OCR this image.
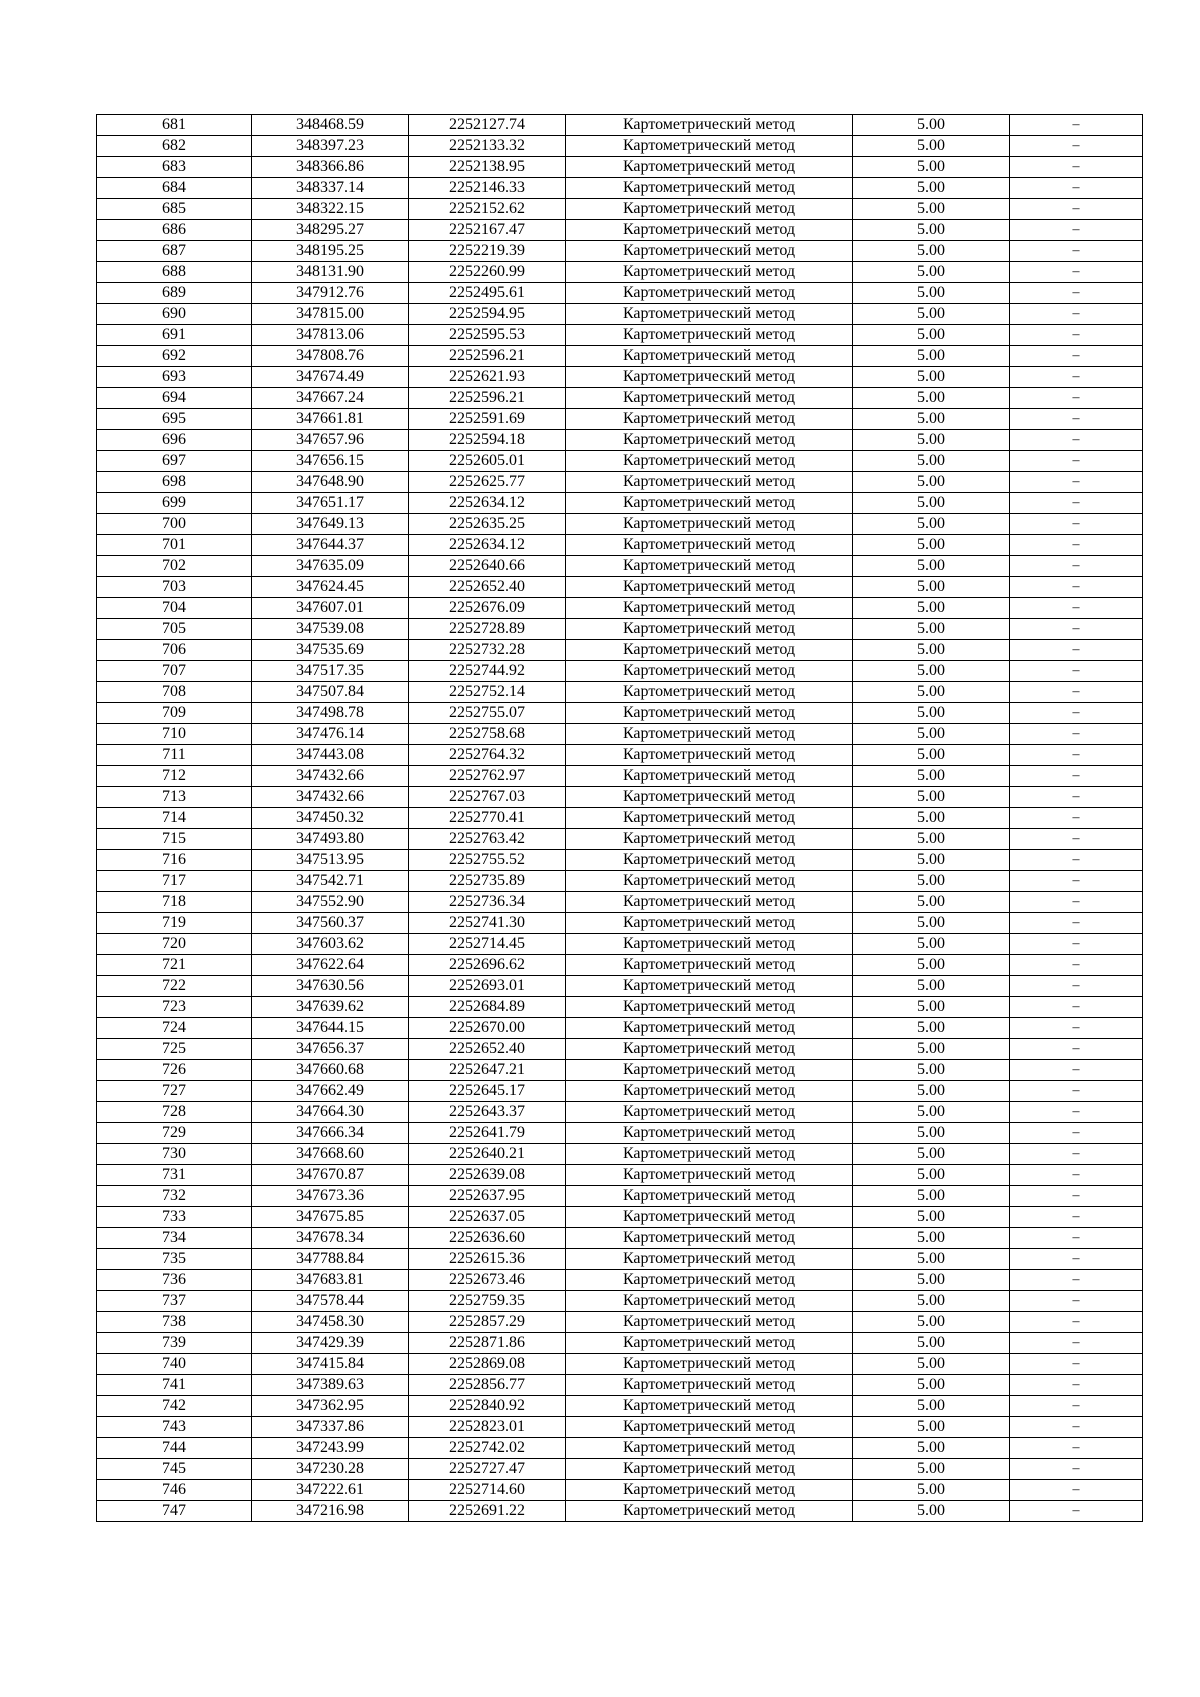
681	348468.59	2252127.74	Картометрический метод	5.00	–
682	348397.23	2252133.32	Картометрический метод	5.00	–
683	348366.86	2252138.95	Картометрический метод	5.00	–
684	348337.14	2252146.33	Картометрический метод	5.00	–
685	348322.15	2252152.62	Картометрический метод	5.00	–
686	348295.27	2252167.47	Картометрический метод	5.00	–
687	348195.25	2252219.39	Картометрический метод	5.00	–
688	348131.90	2252260.99	Картометрический метод	5.00	–
689	347912.76	2252495.61	Картометрический метод	5.00	–
690	347815.00	2252594.95	Картометрический метод	5.00	–
691	347813.06	2252595.53	Картометрический метод	5.00	–
692	347808.76	2252596.21	Картометрический метод	5.00	–
693	347674.49	2252621.93	Картометрический метод	5.00	–
694	347667.24	2252596.21	Картометрический метод	5.00	–
695	347661.81	2252591.69	Картометрический метод	5.00	–
696	347657.96	2252594.18	Картометрический метод	5.00	–
697	347656.15	2252605.01	Картометрический метод	5.00	–
698	347648.90	2252625.77	Картометрический метод	5.00	–
699	347651.17	2252634.12	Картометрический метод	5.00	–
700	347649.13	2252635.25	Картометрический метод	5.00	–
701	347644.37	2252634.12	Картометрический метод	5.00	–
702	347635.09	2252640.66	Картометрический метод	5.00	–
703	347624.45	2252652.40	Картометрический метод	5.00	–
704	347607.01	2252676.09	Картометрический метод	5.00	–
705	347539.08	2252728.89	Картометрический метод	5.00	–
706	347535.69	2252732.28	Картометрический метод	5.00	–
707	347517.35	2252744.92	Картометрический метод	5.00	–
708	347507.84	2252752.14	Картометрический метод	5.00	–
709	347498.78	2252755.07	Картометрический метод	5.00	–
710	347476.14	2252758.68	Картометрический метод	5.00	–
711	347443.08	2252764.32	Картометрический метод	5.00	–
712	347432.66	2252762.97	Картометрический метод	5.00	–
713	347432.66	2252767.03	Картометрический метод	5.00	–
714	347450.32	2252770.41	Картометрический метод	5.00	–
715	347493.80	2252763.42	Картометрический метод	5.00	–
716	347513.95	2252755.52	Картометрический метод	5.00	–
717	347542.71	2252735.89	Картометрический метод	5.00	–
718	347552.90	2252736.34	Картометрический метод	5.00	–
719	347560.37	2252741.30	Картометрический метод	5.00	–
720	347603.62	2252714.45	Картометрический метод	5.00	–
721	347622.64	2252696.62	Картометрический метод	5.00	–
722	347630.56	2252693.01	Картометрический метод	5.00	–
723	347639.62	2252684.89	Картометрический метод	5.00	–
724	347644.15	2252670.00	Картометрический метод	5.00	–
725	347656.37	2252652.40	Картометрический метод	5.00	–
726	347660.68	2252647.21	Картометрический метод	5.00	–
727	347662.49	2252645.17	Картометрический метод	5.00	–
728	347664.30	2252643.37	Картометрический метод	5.00	–
729	347666.34	2252641.79	Картометрический метод	5.00	–
730	347668.60	2252640.21	Картометрический метод	5.00	–
731	347670.87	2252639.08	Картометрический метод	5.00	–
732	347673.36	2252637.95	Картометрический метод	5.00	–
733	347675.85	2252637.05	Картометрический метод	5.00	–
734	347678.34	2252636.60	Картометрический метод	5.00	–
735	347788.84	2252615.36	Картометрический метод	5.00	–
736	347683.81	2252673.46	Картометрический метод	5.00	–
737	347578.44	2252759.35	Картометрический метод	5.00	–
738	347458.30	2252857.29	Картометрический метод	5.00	–
739	347429.39	2252871.86	Картометрический метод	5.00	–
740	347415.84	2252869.08	Картометрический метод	5.00	–
741	347389.63	2252856.77	Картометрический метод	5.00	–
742	347362.95	2252840.92	Картометрический метод	5.00	–
743	347337.86	2252823.01	Картометрический метод	5.00	–
744	347243.99	2252742.02	Картометрический метод	5.00	–
745	347230.28	2252727.47	Картометрический метод	5.00	–
746	347222.61	2252714.60	Картометрический метод	5.00	–
747	347216.98	2252691.22	Картометрический метод	5.00	–
